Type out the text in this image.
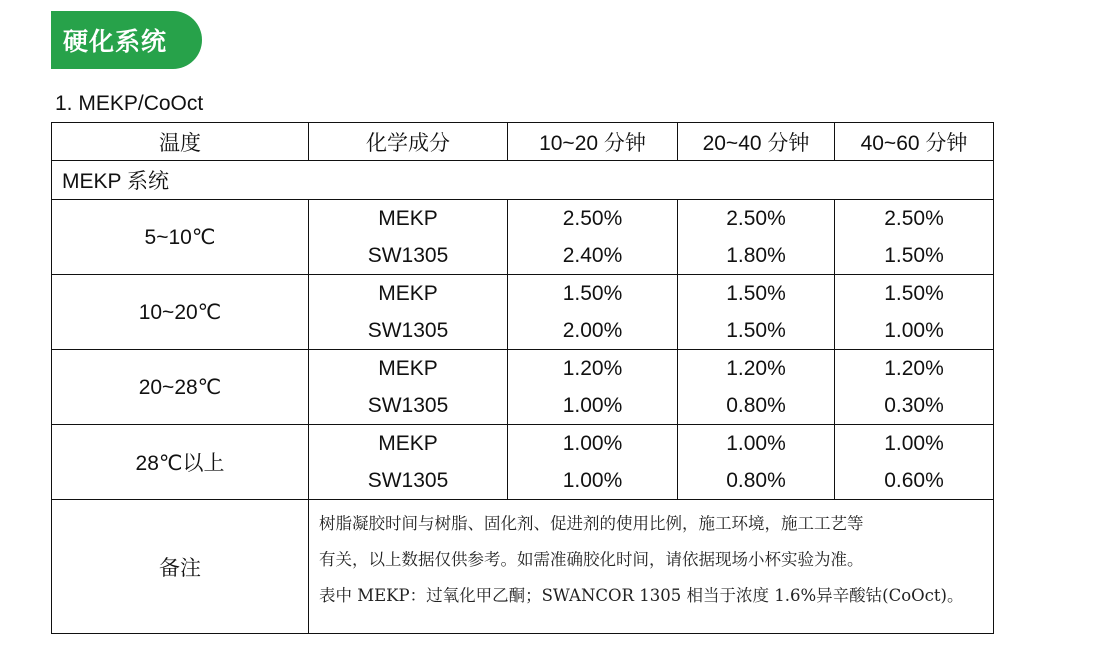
硬化系统
1. MEKP/CoOct
温度	化学成分	10~20 分钟	20~40 分钟	40~60 分钟
MEKP 系统				
5~10℃	MEKP	2.50%	2.50%	2.50%
	SW1305	2.40%	1.80%	1.50%
10~20℃	MEKP	1.50%	1.50%	1.50%
	SW1305	2.00%	1.50%	1.00%
20~28℃	MEKP	1.20%	1.20%	1.20%
	SW1305	1.00%	0.80%	0.30%
28℃以上	MEKP	1.00%	1.00%	1.00%
	SW1305	1.00%	0.80%	0.60%
备注	树脂凝胶时间与树脂、固化剂、促进剂的使用比例，施工环境，施工工艺等
有关，以上数据仅供参考。如需准确胶化时间，请依据现场小杯实验为准。
表中 MEKP：过氧化甲乙酮；SWANCOR 1305 相当于浓度 1.6%异辛酸钴(CoOct)。			
